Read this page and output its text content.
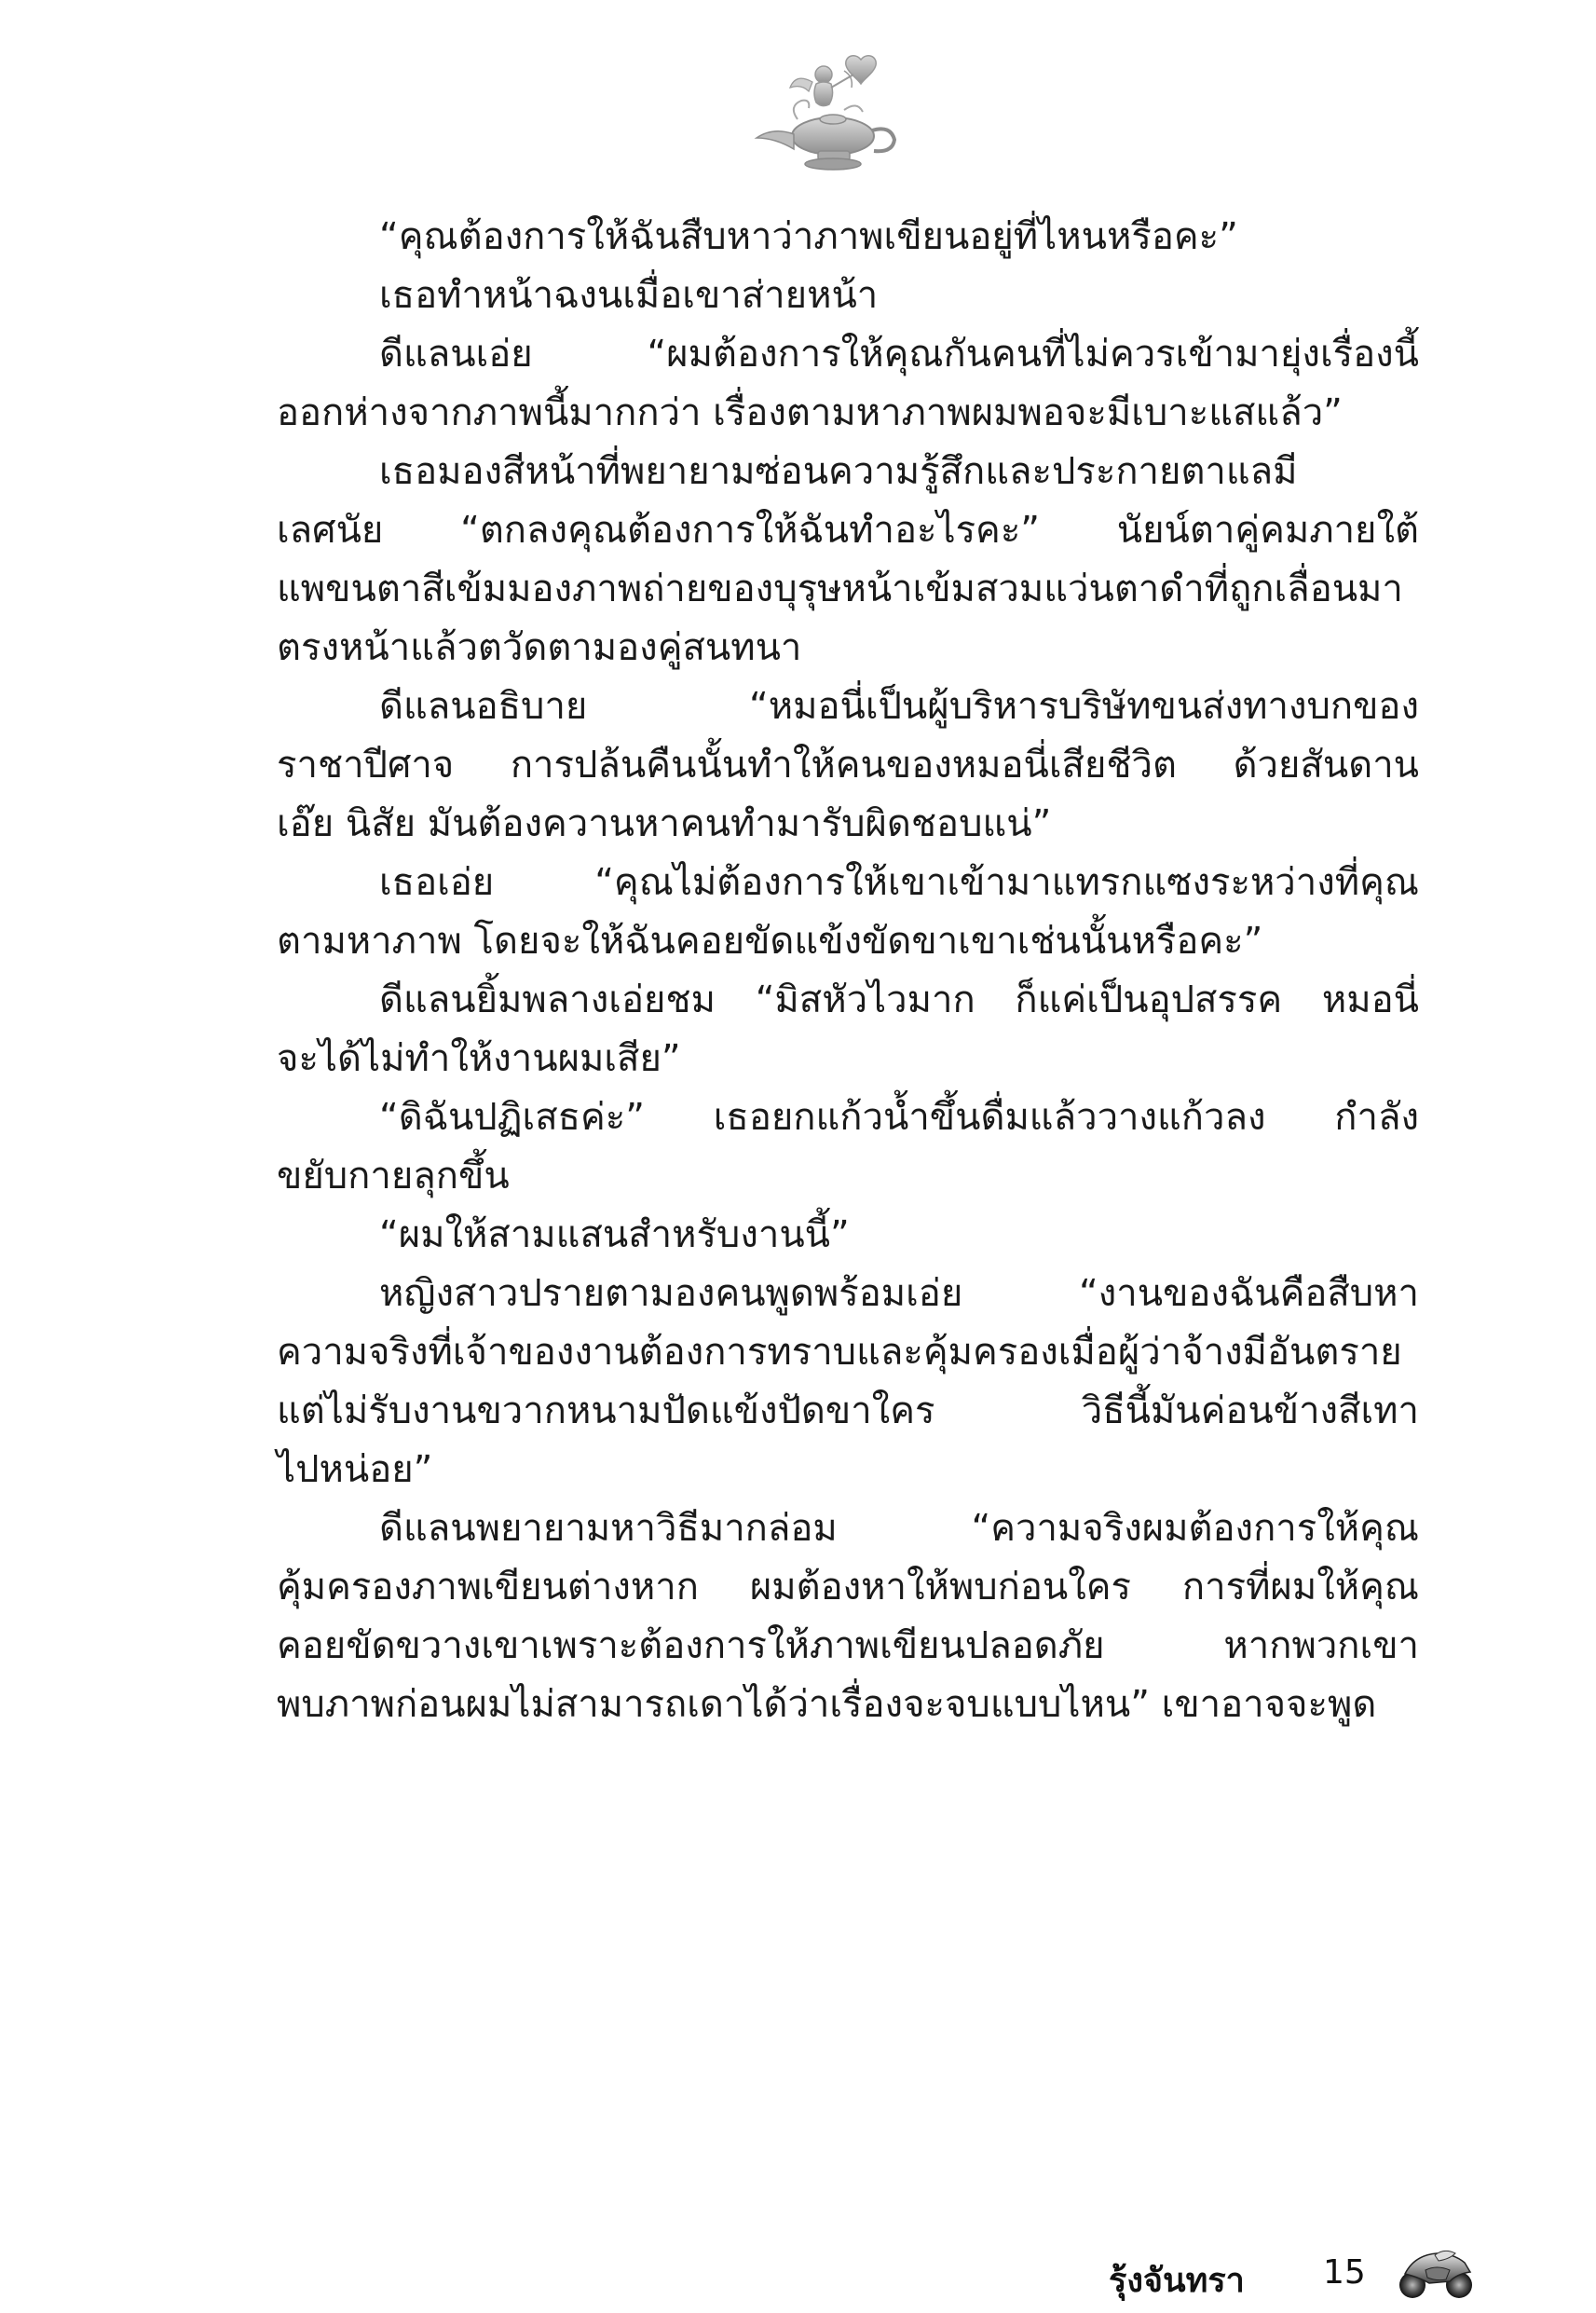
“คุณต้องการให้ฉันสืบหาว่าภาพเขียนอยู่ที่ไหนหรือคะ”

เธอทำหน้าฉงนเมื่อเขาส่ายหน้า

ดีแลนเอ่ย “ผมต้องการให้คุณกันคนที่ไม่ควรเข้ามายุ่งเรื่องนี้

ออกห่างจากภาพนี้มากกว่า เรื่องตามหาภาพผมพอจะมีเบาะแสแล้ว”

เธอมองสีหน้าที่พยายามซ่อนความรู้สึกและประกายตาแลมี

เลศนัย “ตกลงคุณต้องการให้ฉันทำอะไรคะ” นัยน์ตาคู่คมภายใต้

แพขนตาสีเข้มมองภาพถ่ายของบุรุษหน้าเข้มสวมแว่นตาดำที่ถูกเลื่อนมา

ตรงหน้าแล้วตวัดตามองคู่สนทนา

ดีแลนอธิบาย “หมอนี่เป็นผู้บริหารบริษัทขนส่งทางบกของ

ราชาปีศาจ การปล้นคืนนั้นทำให้คนของหมอนี่เสียชีวิต ด้วยสันดาน

เอ๊ย นิสัย มันต้องควานหาคนทำมารับผิดชอบแน่”

เธอเอ่ย “คุณไม่ต้องการให้เขาเข้ามาแทรกแซงระหว่างที่คุณ

ตามหาภาพ โดยจะให้ฉันคอยขัดแข้งขัดขาเขาเช่นนั้นหรือคะ”

ดีแลนยิ้มพลางเอ่ยชม “มิสหัวไวมาก ก็แค่เป็นอุปสรรค หมอนี่

จะได้ไม่ทำให้งานผมเสีย”

“ดิฉันปฏิเสธค่ะ” เธอยกแก้วน้ำขึ้นดื่มแล้ววางแก้วลง กำลัง

ขยับกายลุกขึ้น

“ผมให้สามแสนสำหรับงานนี้”

หญิงสาวปรายตามองคนพูดพร้อมเอ่ย “งานของฉันคือสืบหา

ความจริงที่เจ้าของงานต้องการทราบและคุ้มครองเมื่อผู้ว่าจ้างมีอันตราย

แต่ไม่รับงานขวากหนามปัดแข้งปัดขาใคร วิธีนี้มันค่อนข้างสีเทา

ไปหน่อย”

ดีแลนพยายามหาวิธีมากล่อม “ความจริงผมต้องการให้คุณ

คุ้มครองภาพเขียนต่างหาก ผมต้องหาให้พบก่อนใคร การที่ผมให้คุณ

คอยขัดขวางเขาเพราะต้องการให้ภาพเขียนปลอดภัย หากพวกเขา

พบภาพก่อนผมไม่สามารถเดาได้ว่าเรื่องจะจบแบบไหน” เขาอาจจะพูด

รุ้งจันทรา 15
